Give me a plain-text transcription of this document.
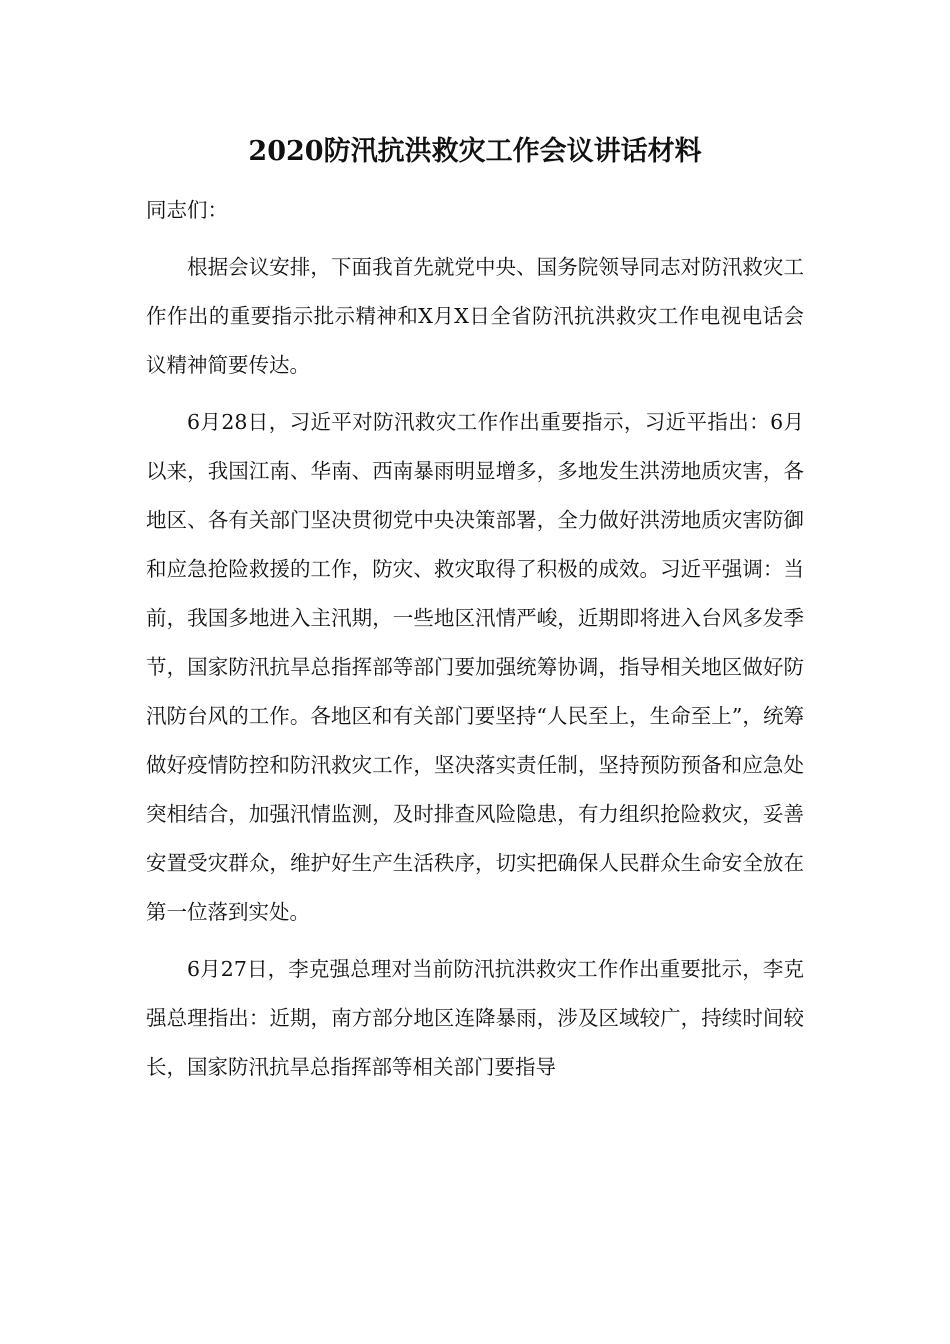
2020防汛抗洪救灾工作会议讲话材料

同志们：

根据会议安排，下面我首先就党中央、国务院领导同志对防汛救灾工作作出的重要指示批示精神和X月X日全省防汛抗洪救灾工作电视电话会议精神简要传达。

6月28日，习近平对防汛救灾工作作出重要指示，习近平指出：6月以来，我国江南、华南、西南暴雨明显增多，多地发生洪涝地质灾害，各地区、各有关部门坚决贯彻党中央决策部署，全力做好洪涝地质灾害防御和应急抢险救援的工作，防灾、救灾取得了积极的成效。习近平强调：当前，我国多地进入主汛期，一些地区汛情严峻，近期即将进入台风多发季节，国家防汛抗旱总指挥部等部门要加强统筹协调，指导相关地区做好防汛防台风的工作。各地区和有关部门要坚持“人民至上，生命至上”，统筹做好疫情防控和防汛救灾工作，坚决落实责任制，坚持预防预备和应急处突相结合，加强汛情监测，及时排查风险隐患，有力组织抢险救灾，妥善安置受灾群众，维护好生产生活秩序，切实把确保人民群众生命安全放在第一位落到实处。

6月27日，李克强总理对当前防汛抗洪救灾工作作出重要批示，李克强总理指出：近期，南方部分地区连降暴雨，涉及区域较广，持续时间较长，国家防汛抗旱总指挥部等相关部门要指导
